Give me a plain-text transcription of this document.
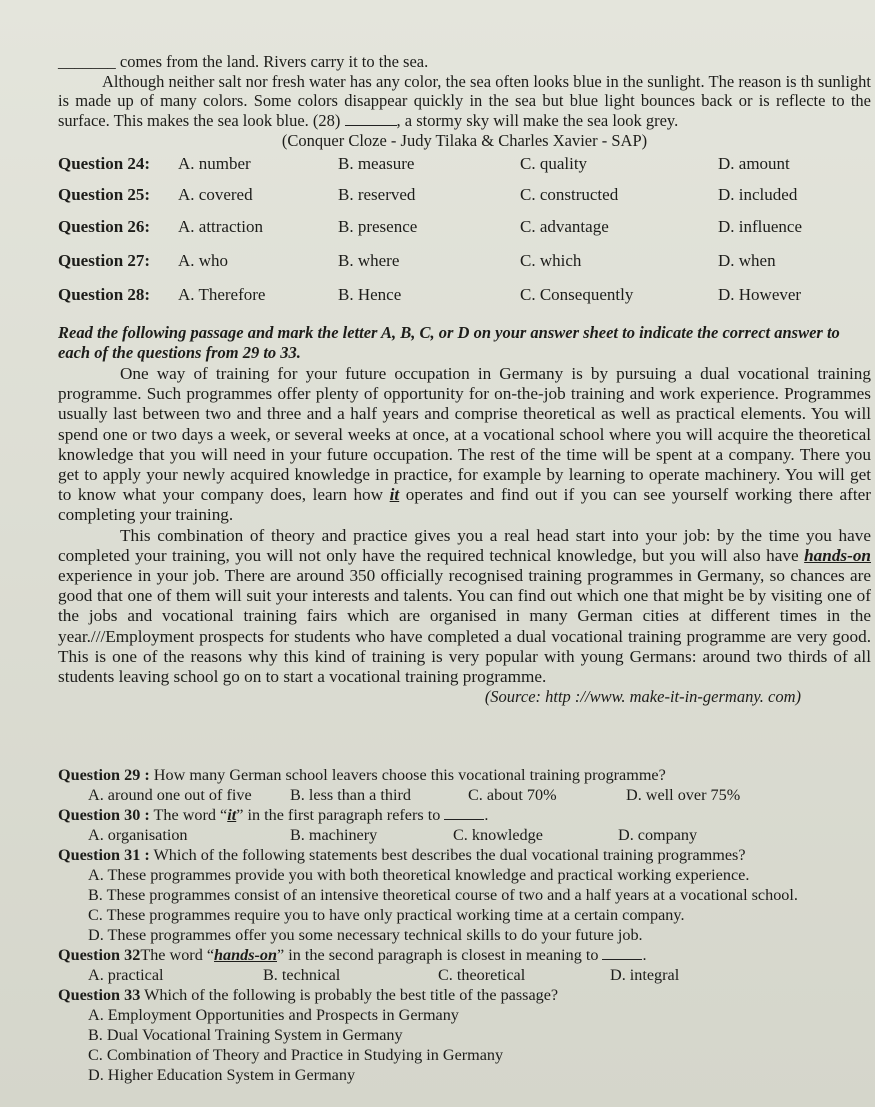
_______ comes from the land. Rivers carry it to the sea.

Although neither salt nor fresh water has any color, the sea often looks blue in the sunlight. The reason is th sunlight is made up of many colors. Some colors disappear quickly in the sea but blue light bounces back or is reflecte to the surface. This makes the sea look blue. (28)	, a stormy sky will make the sea look grey.

(Conquer Cloze - Judy Tilaka & Charles Xavier - SAP)
Question 24: A. number	B. measure	C. quality	D. amount
Question 25: A. covered	B. reserved	C. constructed	D. included
Question 26: A. attraction	B. presence	C. advantage	D. influence
Question 27: A. who	B. where	C. which	D. when
Question 28: A. Therefore	B. Hence	C. Consequently	D. However

Read the following passage and mark the letter A, B, C, or D on your answer sheet to indicate the correct answer to each of the questions from 29 to 33.

One way of training for your future occupation in Germany is by pursuing a dual vocational training programme. Such programmes offer plenty of opportunity for on-the-job training and work experience. Programmes usually last between two and three and a half years and comprise theoretical as well as practical elements. You will spend one or two days a week, or several weeks at once, at a vocational school where you will acquire the theoretical knowledge that you will need in your future occupation. The rest of the time will be spent at a company. There you get to apply your newly acquired knowledge in practice, for example by learning to operate machinery. You will get to know what your company does, learn how it operates and find out if you can see yourself working there after completing your training.

This combination of theory and practice gives you a real head start into your job: by the time you have completed your training, you will not only have the required technical knowledge, but you will also have hands-on experience in your job. There are around 350 officially recognised training programmes in Germany, so chances are good that one of them will suit your interests and talents. You can find out which one that might be by visiting one of the jobs and vocational training fairs which are organised in many German cities at different times in the year.///Employment prospects for students who have completed a dual vocational training programme are very good. This is one of the reasons why this kind of training is very popular with young Germans: around two thirds of all students leaving school go on to start a vocational training programme.

(Source: http ://www. make-it-in-germany. com)

Question 29 : How many German school leavers choose this vocational training programme?

A. around one out of five B. less than a third	C. about 70%	D. well over 75%

Question 30 : The word “it” in the first paragraph refers to	.

A. organisation	B. machinery	C. knowledge	D. company

Question 31 : Which of the following statements best describes the dual vocational training programmes?

A. These programmes provide you with both theoretical knowledge and practical working experience.

B. These programmes consist of an intensive theoretical course of two and a half years at a vocational school.

C. These programmes require you to have only practical working time at a certain company.

D. These programmes offer you some necessary technical skills to do your future job.

Question 32The word “hands-on” in the second paragraph is closest in meaning to	.

A. practical	B. technical	C. theoretical	D. integral

Question 33 Which of the following is probably the best title of the passage?

A. Employment Opportunities and Prospects in Germany

B. Dual Vocational Training System in Germany

C. Combination of Theory and Practice in Studying in Germany

D. Higher Education System in Germany
